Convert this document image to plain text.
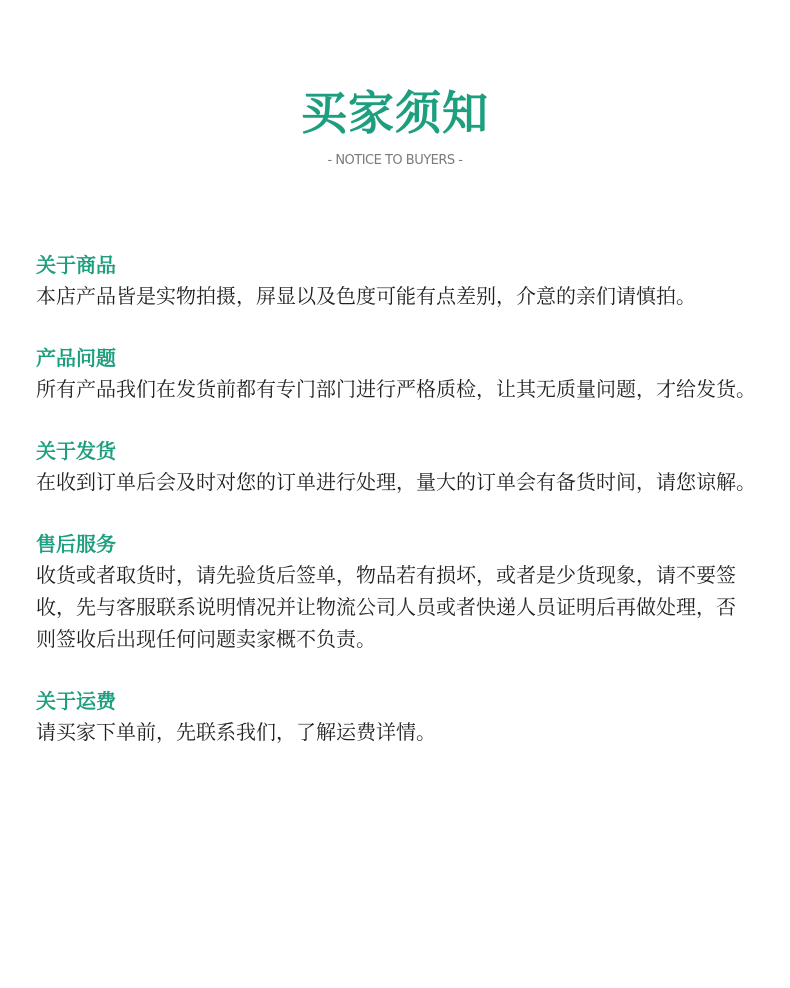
买家须知
- NOTICE TO BUYERS -
关于商品

本店产品皆是实物拍摄，屏显以及色度可能有点差别，介意的亲们请慎拍。

产品问题

所有产品我们在发货前都有专门部门进行严格质检，让其无质量问题，才给发货。

关于发货

在收到订单后会及时对您的订单进行处理，量大的订单会有备货时间，请您谅解。

售后服务

收货或者取货时，请先验货后签单，物品若有损坏，或者是少货现象，请不要签收，先与客服联系说明情况并让物流公司人员或者快递人员证明后再做处理，否 则签收后出现任何问题卖家概不负责。

关于运费

请买家下单前，先联系我们，了解运费详情。
